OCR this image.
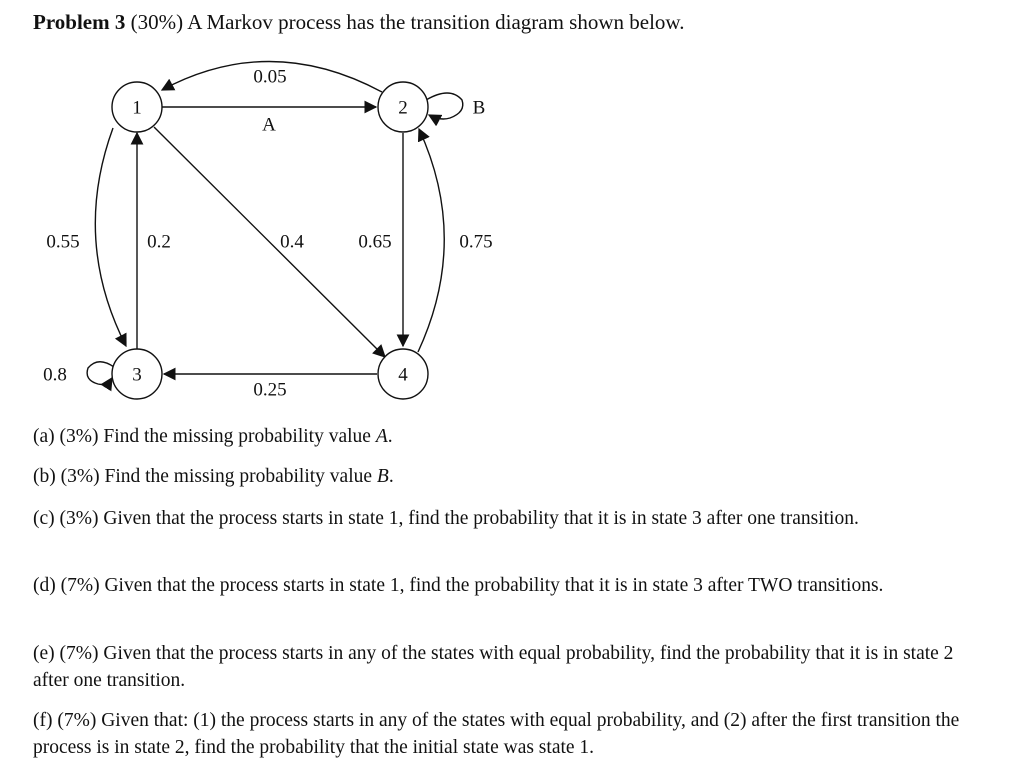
Problem 3 (30%) A Markov process has the transition diagram shown below.
1	2
3	4
0.05
A
B
0.55	0.2	0.4	0.65	0.75
0.8
0.25
(a) (3%) Find the missing probability value A.
(b) (3%) Find the missing probability value B.
(c) (3%) Given that the process starts in state 1, find the probability that it is in state 3 after one transition.
(d) (7%) Given that the process starts in state 1, find the probability that it is in state 3 after TWO transitions.
(e) (7%) Given that the process starts in any of the states with equal probability, find the probability that it is in state 2 after one transition.
(f) (7%) Given that: (1) the process starts in any of the states with equal probability, and (2) after the first transition the process is in state 2, find the probability that the initial state was state 1.
